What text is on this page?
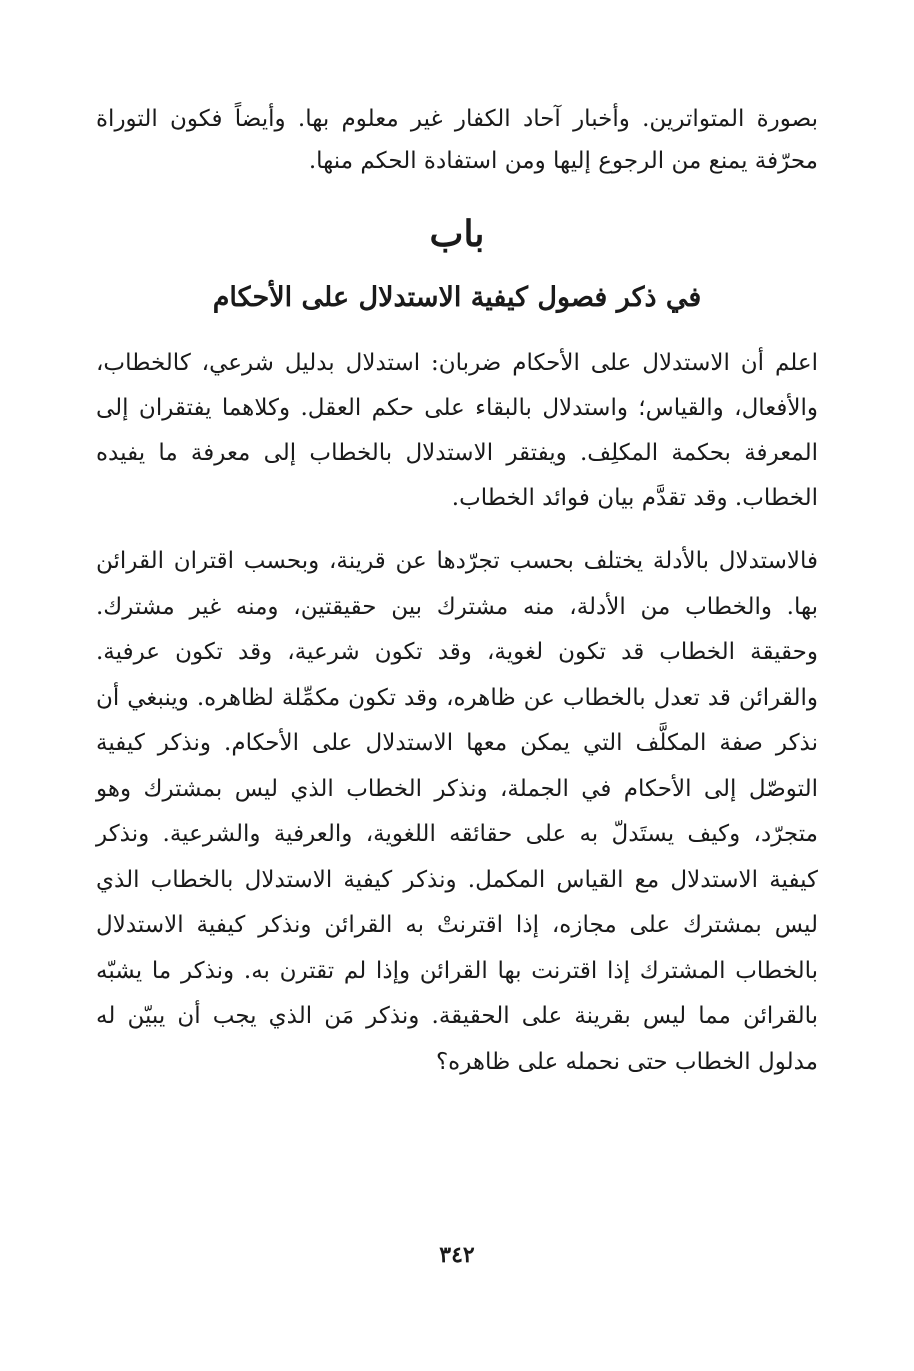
بصورة المتواترين. وأخبار آحاد الكفار غير معلوم بها. وأيضاً فكون التوراة محرّفة يمنع من الرجوع إليها ومن استفادة الحكم منها.

باب
في ذكر فصول كيفية الاستدلال على الأحكام

اعلم أن الاستدلال على الأحكام ضربان: استدلال بدليل شرعي، كالخطاب، والأفعال، والقياس؛ واستدلال بالبقاء على حكم العقل. وكلاهما يفتقران إلى المعرفة بحكمة المكلِف. ويفتقر الاستدلال بالخطاب إلى معرفة ما يفيده الخطاب. وقد تقدَّم بيان فوائد الخطاب.

فالاستدلال بالأدلة يختلف بحسب تجرّدها عن قرينة، وبحسب اقتران القرائن بها. والخطاب من الأدلة، منه مشترك بين حقيقتين، ومنه غير مشترك. وحقيقة الخطاب قد تكون لغوية، وقد تكون شرعية، وقد تكون عرفية. والقرائن قد تعدل بالخطاب عن ظاهره، وقد تكون مكمِّلة لظاهره. وينبغي أن نذكر صفة المكلَّف التي يمكن معها الاستدلال على الأحكام. ونذكر كيفية التوصّل إلى الأحكام في الجملة، ونذكر الخطاب الذي ليس بمشترك وهو متجرّد، وكيف يستَدلّ به على حقائقه اللغوية، والعرفية والشرعية. ونذكر كيفية الاستدلال مع القياس المكمل. ونذكر كيفية الاستدلال بالخطاب الذي ليس بمشترك على مجازه، إذا اقترنتْ به القرائن ونذكر كيفية الاستدلال بالخطاب المشترك إذا اقترنت بها القرائن وإذا لم تقترن به. ونذكر ما يشبّه بالقرائن مما ليس بقرينة على الحقيقة. ونذكر مَن الذي يجب أن يبيّن له مدلول الخطاب حتى نحمله على ظاهره؟

٣٤٢
